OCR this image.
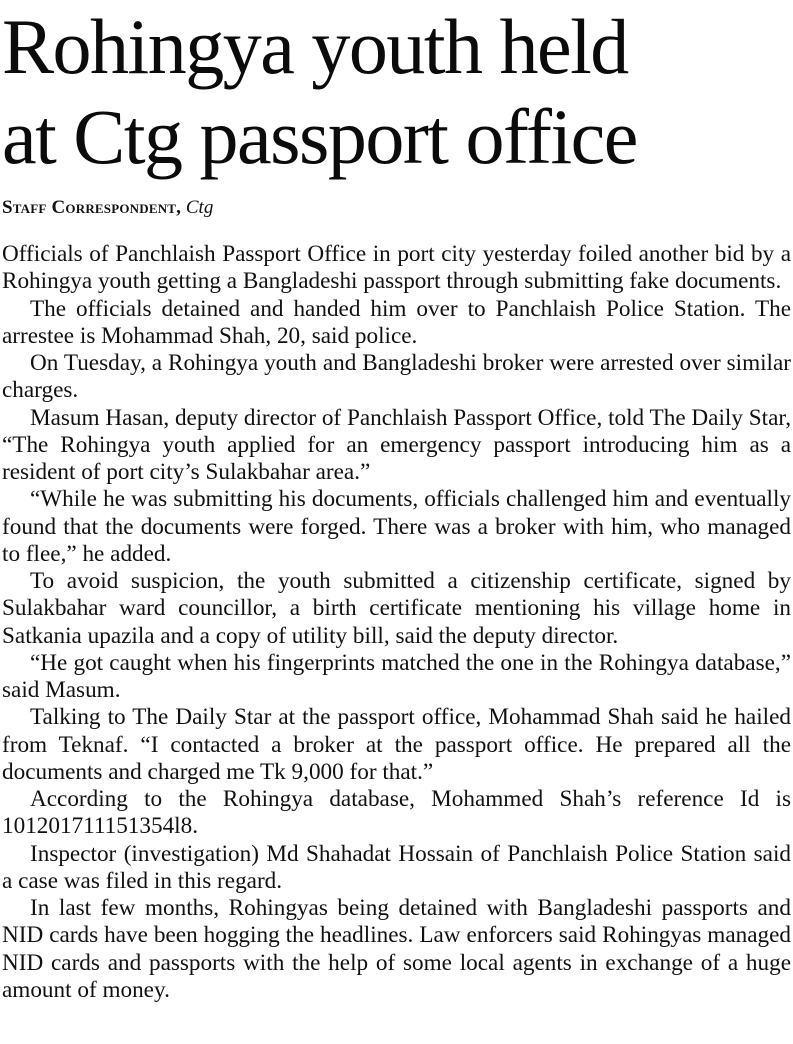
Rohingya youth held
at Ctg passport office
Staff Correspondent, Ctg

Officials of Panchlaish Passport Office in port city yesterday foiled another bid by a Rohingya youth getting a Bangladeshi passport through submitting fake documents.

The officials detained and handed him over to Panchlaish Police Station. The arrestee is Mohammad Shah, 20, said police.

On Tuesday, a Rohingya youth and Bangladeshi broker were arrested over similar charges.

Masum Hasan, deputy director of Panchlaish Passport Office, told The Daily Star, “The Rohingya youth applied for an emergency passport introducing him as a resident of port city’s Sulakbahar area.”

“While he was submitting his documents, officials challenged him and eventually found that the documents were forged. There was a broker with him, who managed to flee,” he added.

To avoid suspicion, the youth submitted a citizenship certificate, signed by Sulakbahar ward councillor, a birth certificate mentioning his village home in Satkania upazila and a copy of utility bill, said the deputy director.

“He got caught when his fingerprints matched the one in the Rohingya database,” said Masum.

Talking to The Daily Star at the passport office, Mohammad Shah said he hailed from Teknaf. “I contacted a broker at the passport office. He prepared all the documents and charged me Tk 9,000 for that.”

According to the Rohingya database, Mohammed Shah’s reference Id is 101201711151354l8.

Inspector (investigation) Md Shahadat Hossain of Panchlaish Police Station said a case was filed in this regard.

In last few months, Rohingyas being detained with Bangladeshi passports and NID cards have been hogging the headlines. Law enforcers said Rohingyas managed NID cards and passports with the help of some local agents in exchange of a huge amount of money.
